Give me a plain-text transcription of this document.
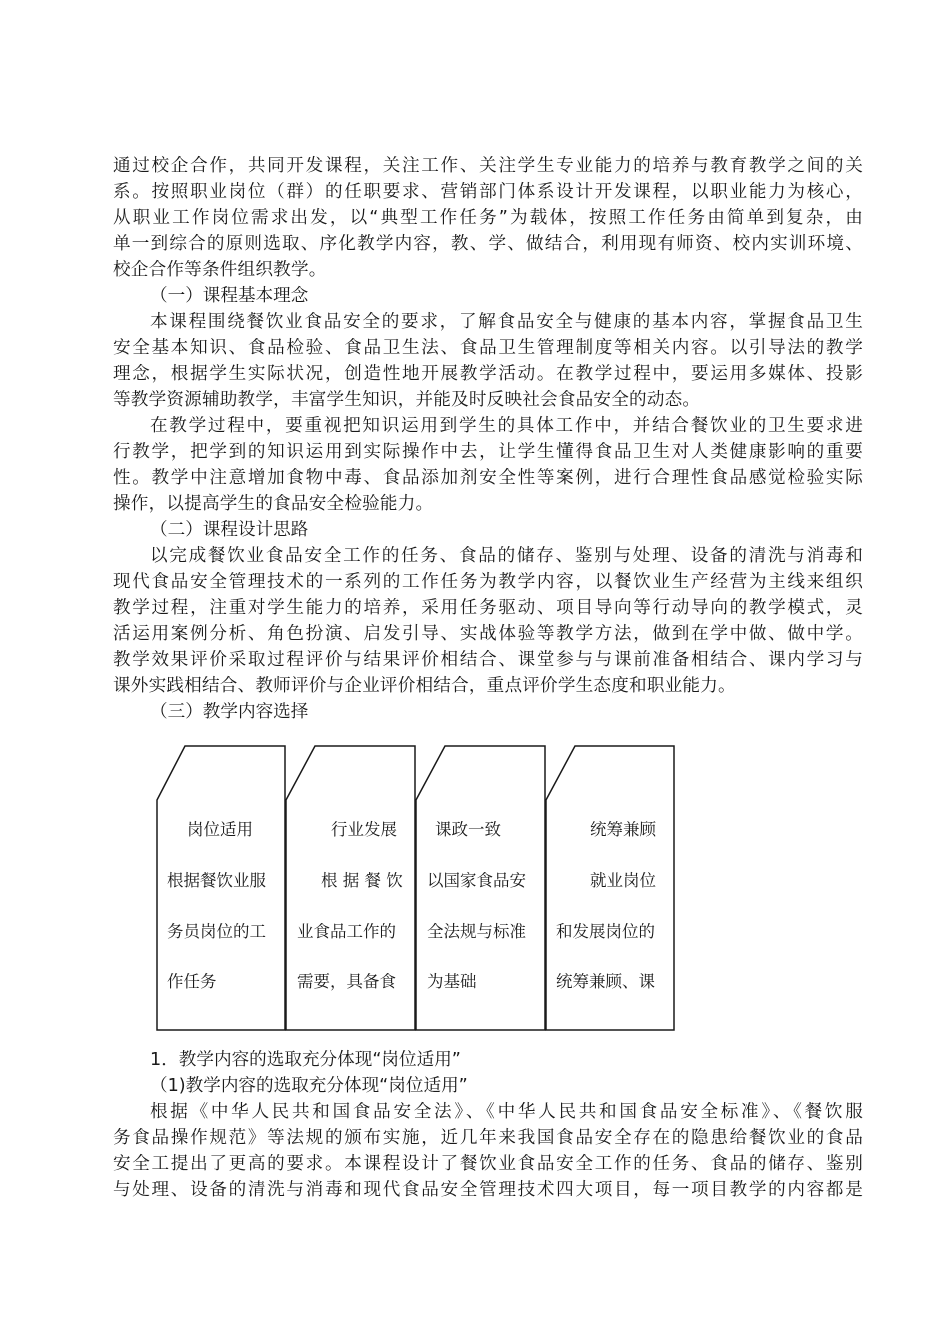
通过校企合作，共同开发课程，关注工作、关注学生专业能力的培养与教育教学之间的关
系。按照职业岗位（群）的任职要求、营销部门体系设计开发课程，以职业能力为核心，
从职业工作岗位需求出发，以“典型工作任务”为载体，按照工作任务由简单到复杂，由
单一到综合的原则选取、序化教学内容，教、学、做结合，利用现有师资、校内实训环境、
校企合作等条件组织教学。
（一）课程基本理念
本课程围绕餐饮业食品安全的要求，了解食品安全与健康的基本内容，掌握食品卫生
安全基本知识、食品检验、食品卫生法、食品卫生管理制度等相关内容。以引导法的教学
理念，根据学生实际状况，创造性地开展教学活动。在教学过程中，要运用多媒体、投影
等教学资源辅助教学，丰富学生知识，并能及时反映社会食品安全的动态。
在教学过程中，要重视把知识运用到学生的具体工作中，并结合餐饮业的卫生要求进
行教学，把学到的知识运用到实际操作中去，让学生懂得食品卫生对人类健康影响的重要
性。教学中注意增加食物中毒、食品添加剂安全性等案例，进行合理性食品感觉检验实际
操作，以提高学生的食品安全检验能力。
（二）课程设计思路
以完成餐饮业食品安全工作的任务、食品的储存、鉴别与处理、设备的清洗与消毒和
现代食品安全管理技术的一系列的工作任务为教学内容，以餐饮业生产经营为主线来组织
教学过程，注重对学生能力的培养，采用任务驱动、项目导向等行动导向的教学模式，灵
活运用案例分析、角色扮演、启发引导、实战体验等教学方法，做到在学中做、做中学。
教学效果评价采取过程评价与结果评价相结合、课堂参与与课前准备相结合、课内学习与
课外实践相结合、教师评价与企业评价相结合，重点评价学生态度和职业能力。
（三）教学内容选择
岗位适用
根据餐饮业服
务员岗位的工
作任务
行业发展
根 据 餐 饮
业食品工作的
需要，具备食
课政一致
以国家食品安
全法规与标准
为基础
统筹兼顾
就业岗位
和发展岗位的
统筹兼顾、课
1．教学内容的选取充分体现“岗位适用”
（1)教学内容的选取充分体现“岗位适用”
根据《中华人民共和国食品安全法》、《中华人民共和国食品安全标准》、《餐饮服
务食品操作规范》等法规的颁布实施，近几年来我国食品安全存在的隐患给餐饮业的食品
安全工提出了更高的要求。本课程设计了餐饮业食品安全工作的任务、食品的储存、鉴别
与处理、设备的清洗与消毒和现代食品安全管理技术四大项目，每一项目教学的内容都是
